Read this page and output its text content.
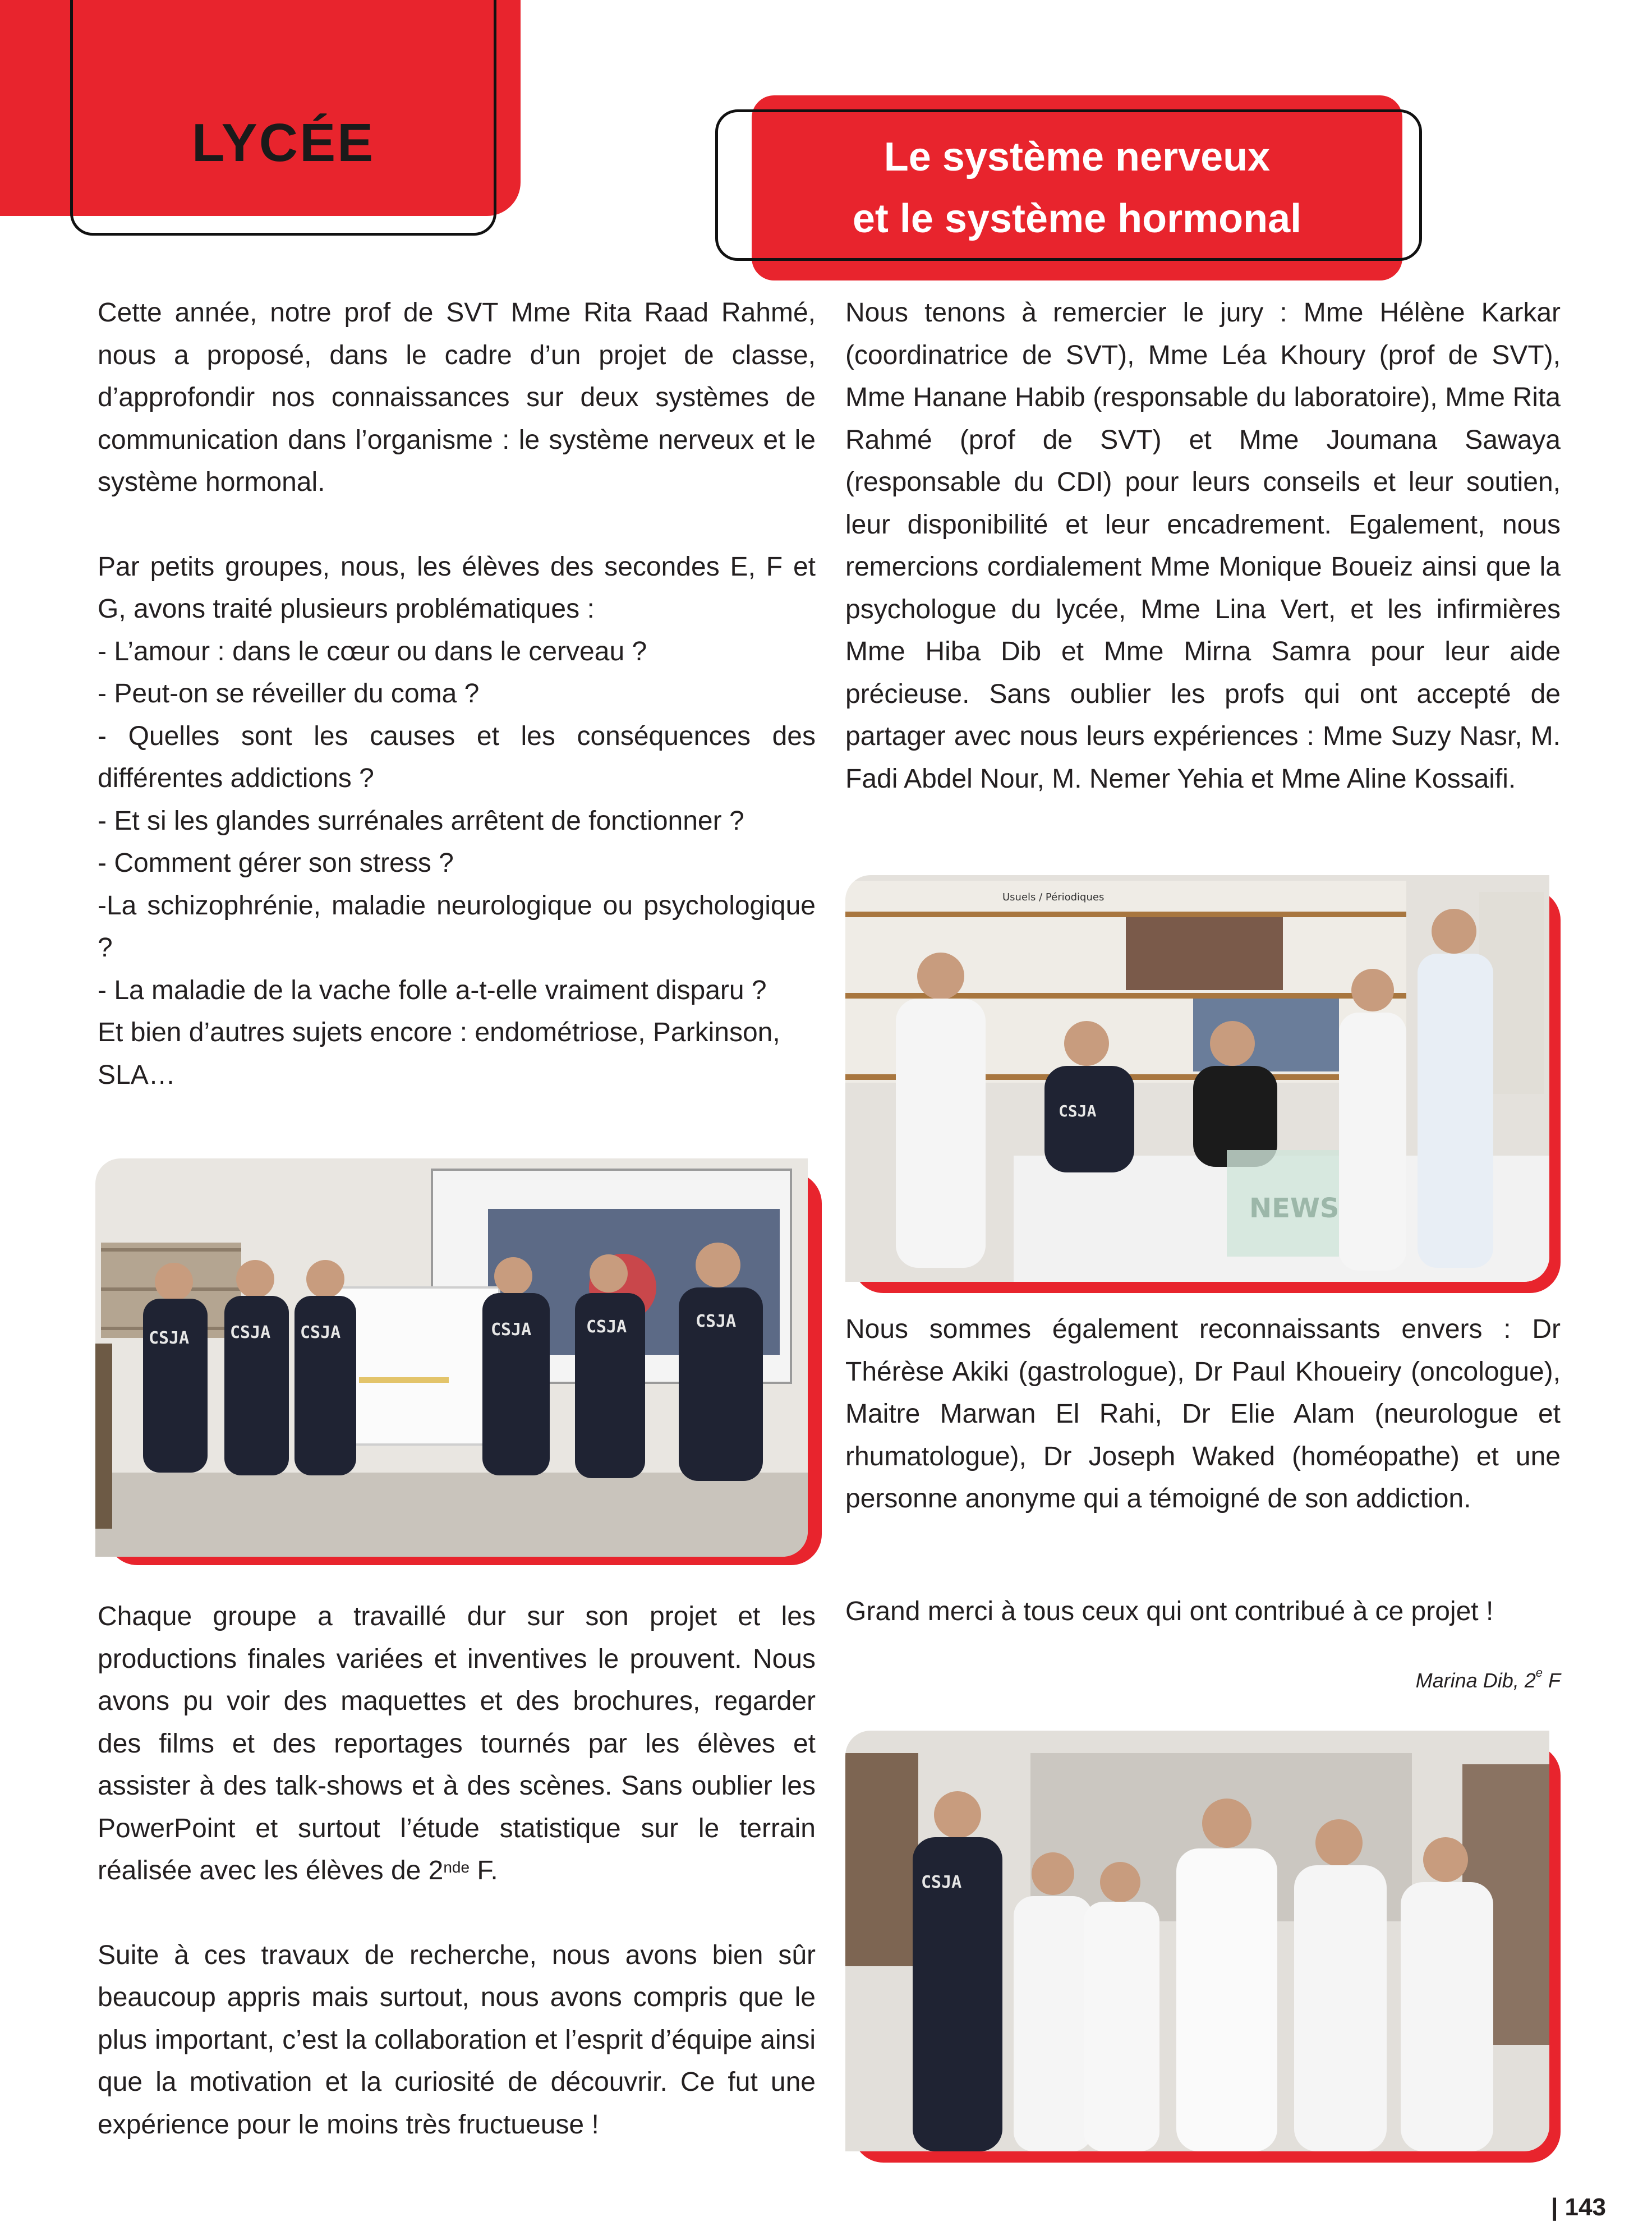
LYCÉE	Le système nerveux
et le système hormonal

Cette année, notre prof de SVT Mme Rita Raad Rahmé, nous a proposé, dans le cadre d’un projet de classe, d’approfondir nos connaissances sur deux systèmes de communication dans l’organisme : le système nerveux et le système hormonal.

Par petits groupes, nous, les élèves des secondes E, F et G, avons traité plusieurs problématiques :

- L’amour : dans le cœur ou dans le cerveau ?

- Peut-on se réveiller du coma ?

- Quelles sont les causes et les conséquences des différentes addictions ?

- Et si les glandes surrénales arrêtent de fonctionner ?

- Comment gérer son stress ?

-La schizophrénie, maladie neurologique ou psychologique ?

- La maladie de la vache folle a-t-elle vraiment disparu ?

Et bien d’autres sujets encore : endométriose, Parkinson, SLA…

CSJA CSJA CSJA	CSJA	CSJA	CSJA

Chaque groupe a travaillé dur sur son projet et les productions finales variées et inventives le prouvent. Nous avons pu voir des maquettes et des brochures, regarder des films et des reportages tournés par les élèves et assister à des talk-shows et à des scènes. Sans oublier les PowerPoint et surtout l’étude statistique sur le terrain réalisée avec les élèves de 2nde F.

Suite à ces travaux de recherche, nous avons bien sûr beaucoup appris mais surtout, nous avons compris que le plus important, c’est la collaboration et l’esprit d’équipe ainsi que la motivation et la curiosité de découvrir. Ce fut une expérience pour le moins très fructueuse !

Nous tenons à remercier le jury : Mme Hélène Karkar (coordinatrice de SVT), Mme Léa Khoury (prof de SVT), Mme Hanane Habib (responsable du laboratoire), Mme Rita Rahmé (prof de SVT) et Mme Joumana Sawaya (responsable du CDI) pour leurs conseils et leur soutien, leur disponibilité et leur encadrement. Egalement, nous remercions cordialement Mme Monique Boueiz ainsi que la psychologue du lycée, Mme Lina Vert, et les infirmières Mme Hiba Dib et Mme Mirna Samra pour leur aide précieuse. Sans oublier les profs qui ont accepté de partager avec nous leurs expériences : Mme Suzy Nasr, M. Fadi Abdel Nour, M. Nemer Yehia et Mme Aline Kossaifi.

Usuels / Périodiques
NEWS
CSJA

Nous sommes également reconnaissants envers : Dr Thérèse Akiki (gastrologue), Dr Paul Khoueiry (oncologue), Maitre Marwan El Rahi, Dr Elie Alam (neurologue et rhumatologue), Dr Joseph Waked (homéopathe) et une personne anonyme qui a témoigné de son addiction.

Grand merci à tous ceux qui ont contribué à ce projet !

Marina Dib, 2e F
CSJA
| 143
